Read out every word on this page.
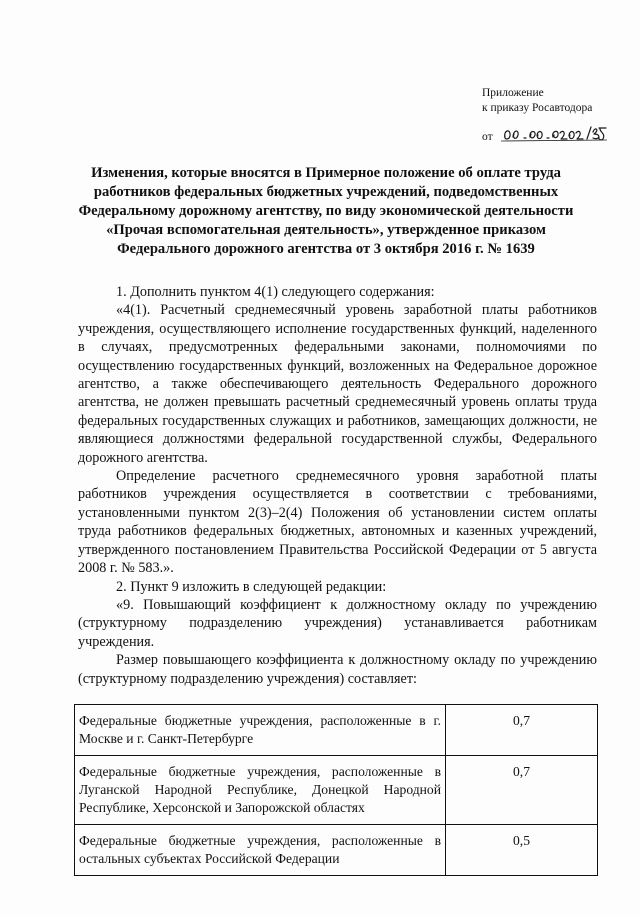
Приложение
к приказу Росавтодора
от
Изменения, которые вносятся в Примерное положение об оплате труда работников федеральных бюджетных учреждений, подведомственных Федеральному дорожному агентству, по виду экономической деятельности «Прочая вспомогательная деятельность», утвержденное приказом Федерального дорожного агентства от 3 октября 2016 г. № 1639

1. Дополнить пунктом 4(1) следующего содержания:

«4(1). Расчетный среднемесячный уровень заработной платы работников учреждения, осуществляющего исполнение государственных функций, наделенного в случаях, предусмотренных федеральными законами, полномочиями по осуществлению государственных функций, возложенных на Федеральное дорожное агентство, а также обеспечивающего деятельность Федерального дорожного агентства, не должен превышать расчетный среднемесячный уровень оплаты труда федеральных государственных служащих и работников, замещающих должности, не являющиеся должностями федеральной государственной службы, Федерального дорожного агентства.

Определение расчетного среднемесячного уровня заработной платы работников учреждения осуществляется в соответствии с требованиями, установленными пунктом 2(3)–2(4) Положения об установлении систем оплаты труда работников федеральных бюджетных, автономных и казенных учреждений, утвержденного постановлением Правительства Российской Федерации от 5 августа 2008 г. № 583.».

2. Пункт 9 изложить в следующей редакции:

«9. Повышающий коэффициент к должностному окладу по учреждению (структурному подразделению учреждения) устанавливается работникам учреждения.

Размер повышающего коэффициента к должностному окладу по учреждению (структурному подразделению учреждения) составляет:

Федеральные бюджетные учреждения, расположенные в г. Москве и г. Санкт-Петербурге	0,7
Федеральные бюджетные учреждения, расположенные в Луганской Народной Республике, Донецкой Народной Республике, Херсонской и Запорожской областях	0,7
Федеральные бюджетные учреждения, расположенные в остальных субъектах Российской Федерации	0,5
